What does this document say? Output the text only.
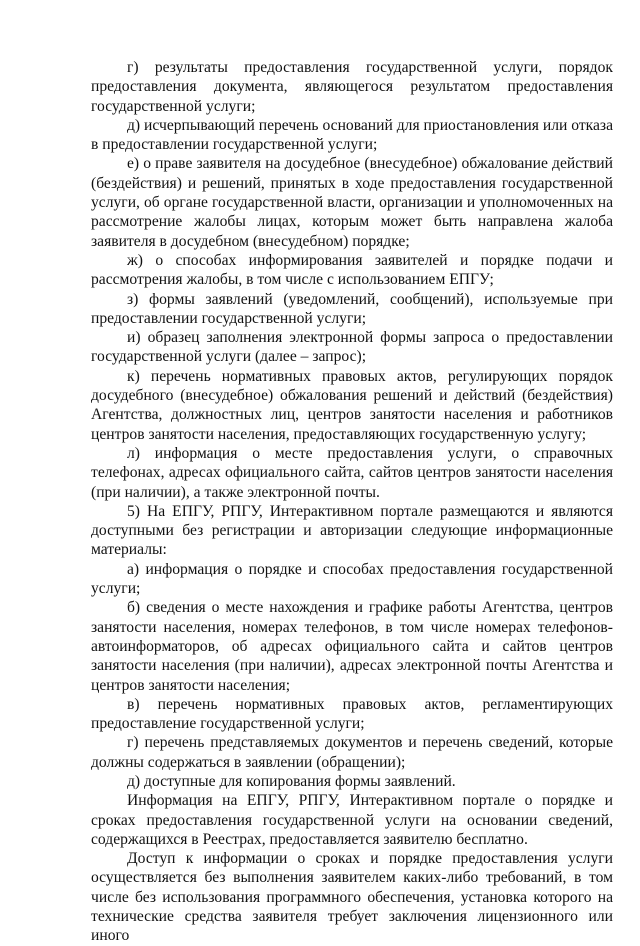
г) результаты предоставления государственной услуги, порядок предоставления документа, являющегося результатом предоставления государственной услуги;

д) исчерпывающий перечень оснований для приостановления или отказа в предоставлении государственной услуги;

е) о праве заявителя на досудебное (внесудебное) обжалование действий (бездействия) и решений, принятых в ходе предоставления государственной услуги, об органе государственной власти, организации и уполномоченных на рассмотрение жалобы лицах, которым может быть направлена жалоба заявителя в досудебном (внесудебном) порядке;

ж) о способах информирования заявителей и порядке подачи и рассмотрения жалобы, в том числе с использованием ЕПГУ;

з) формы заявлений (уведомлений, сообщений), используемые при предоставлении государственной услуги;

и) образец заполнения электронной формы запроса о предоставлении государственной услуги (далее – запрос);

к) перечень нормативных правовых актов, регулирующих порядок досудебного (внесудебное) обжалования решений и действий (бездействия) Агентства, должностных лиц, центров занятости населения и работников центров занятости населения, предоставляющих государственную услугу;

л) информация о месте предоставления услуги, о справочных телефонах, адресах официального сайта, сайтов центров занятости населения (при наличии), а также электронной почты.

5) На ЕПГУ, РПГУ, Интерактивном портале размещаются и являются доступными без регистрации и авторизации следующие информационные материалы:

а) информация о порядке и способах предоставления государственной услуги;

б) сведения о месте нахождения и графике работы Агентства, центров занятости населения, номерах телефонов, в том числе номерах телефонов-автоинформаторов, об адресах официального сайта и сайтов центров занятости населения (при наличии), адресах электронной почты Агентства и центров занятости населения;

в) перечень нормативных правовых актов, регламентирующих предоставление государственной услуги;

г) перечень представляемых документов и перечень сведений, которые должны содержаться в заявлении (обращении);

д) доступные для копирования формы заявлений.

Информация на ЕПГУ, РПГУ, Интерактивном портале о порядке и сроках предоставления государственной услуги на основании сведений, содержащихся в Реестрах, предоставляется заявителю бесплатно.

Доступ к информации о сроках и порядке предоставления услуги осуществляется без выполнения заявителем каких-либо требований, в том числе без использования программного обеспечения, установка которого на технические средства заявителя требует заключения лицензионного или иного
